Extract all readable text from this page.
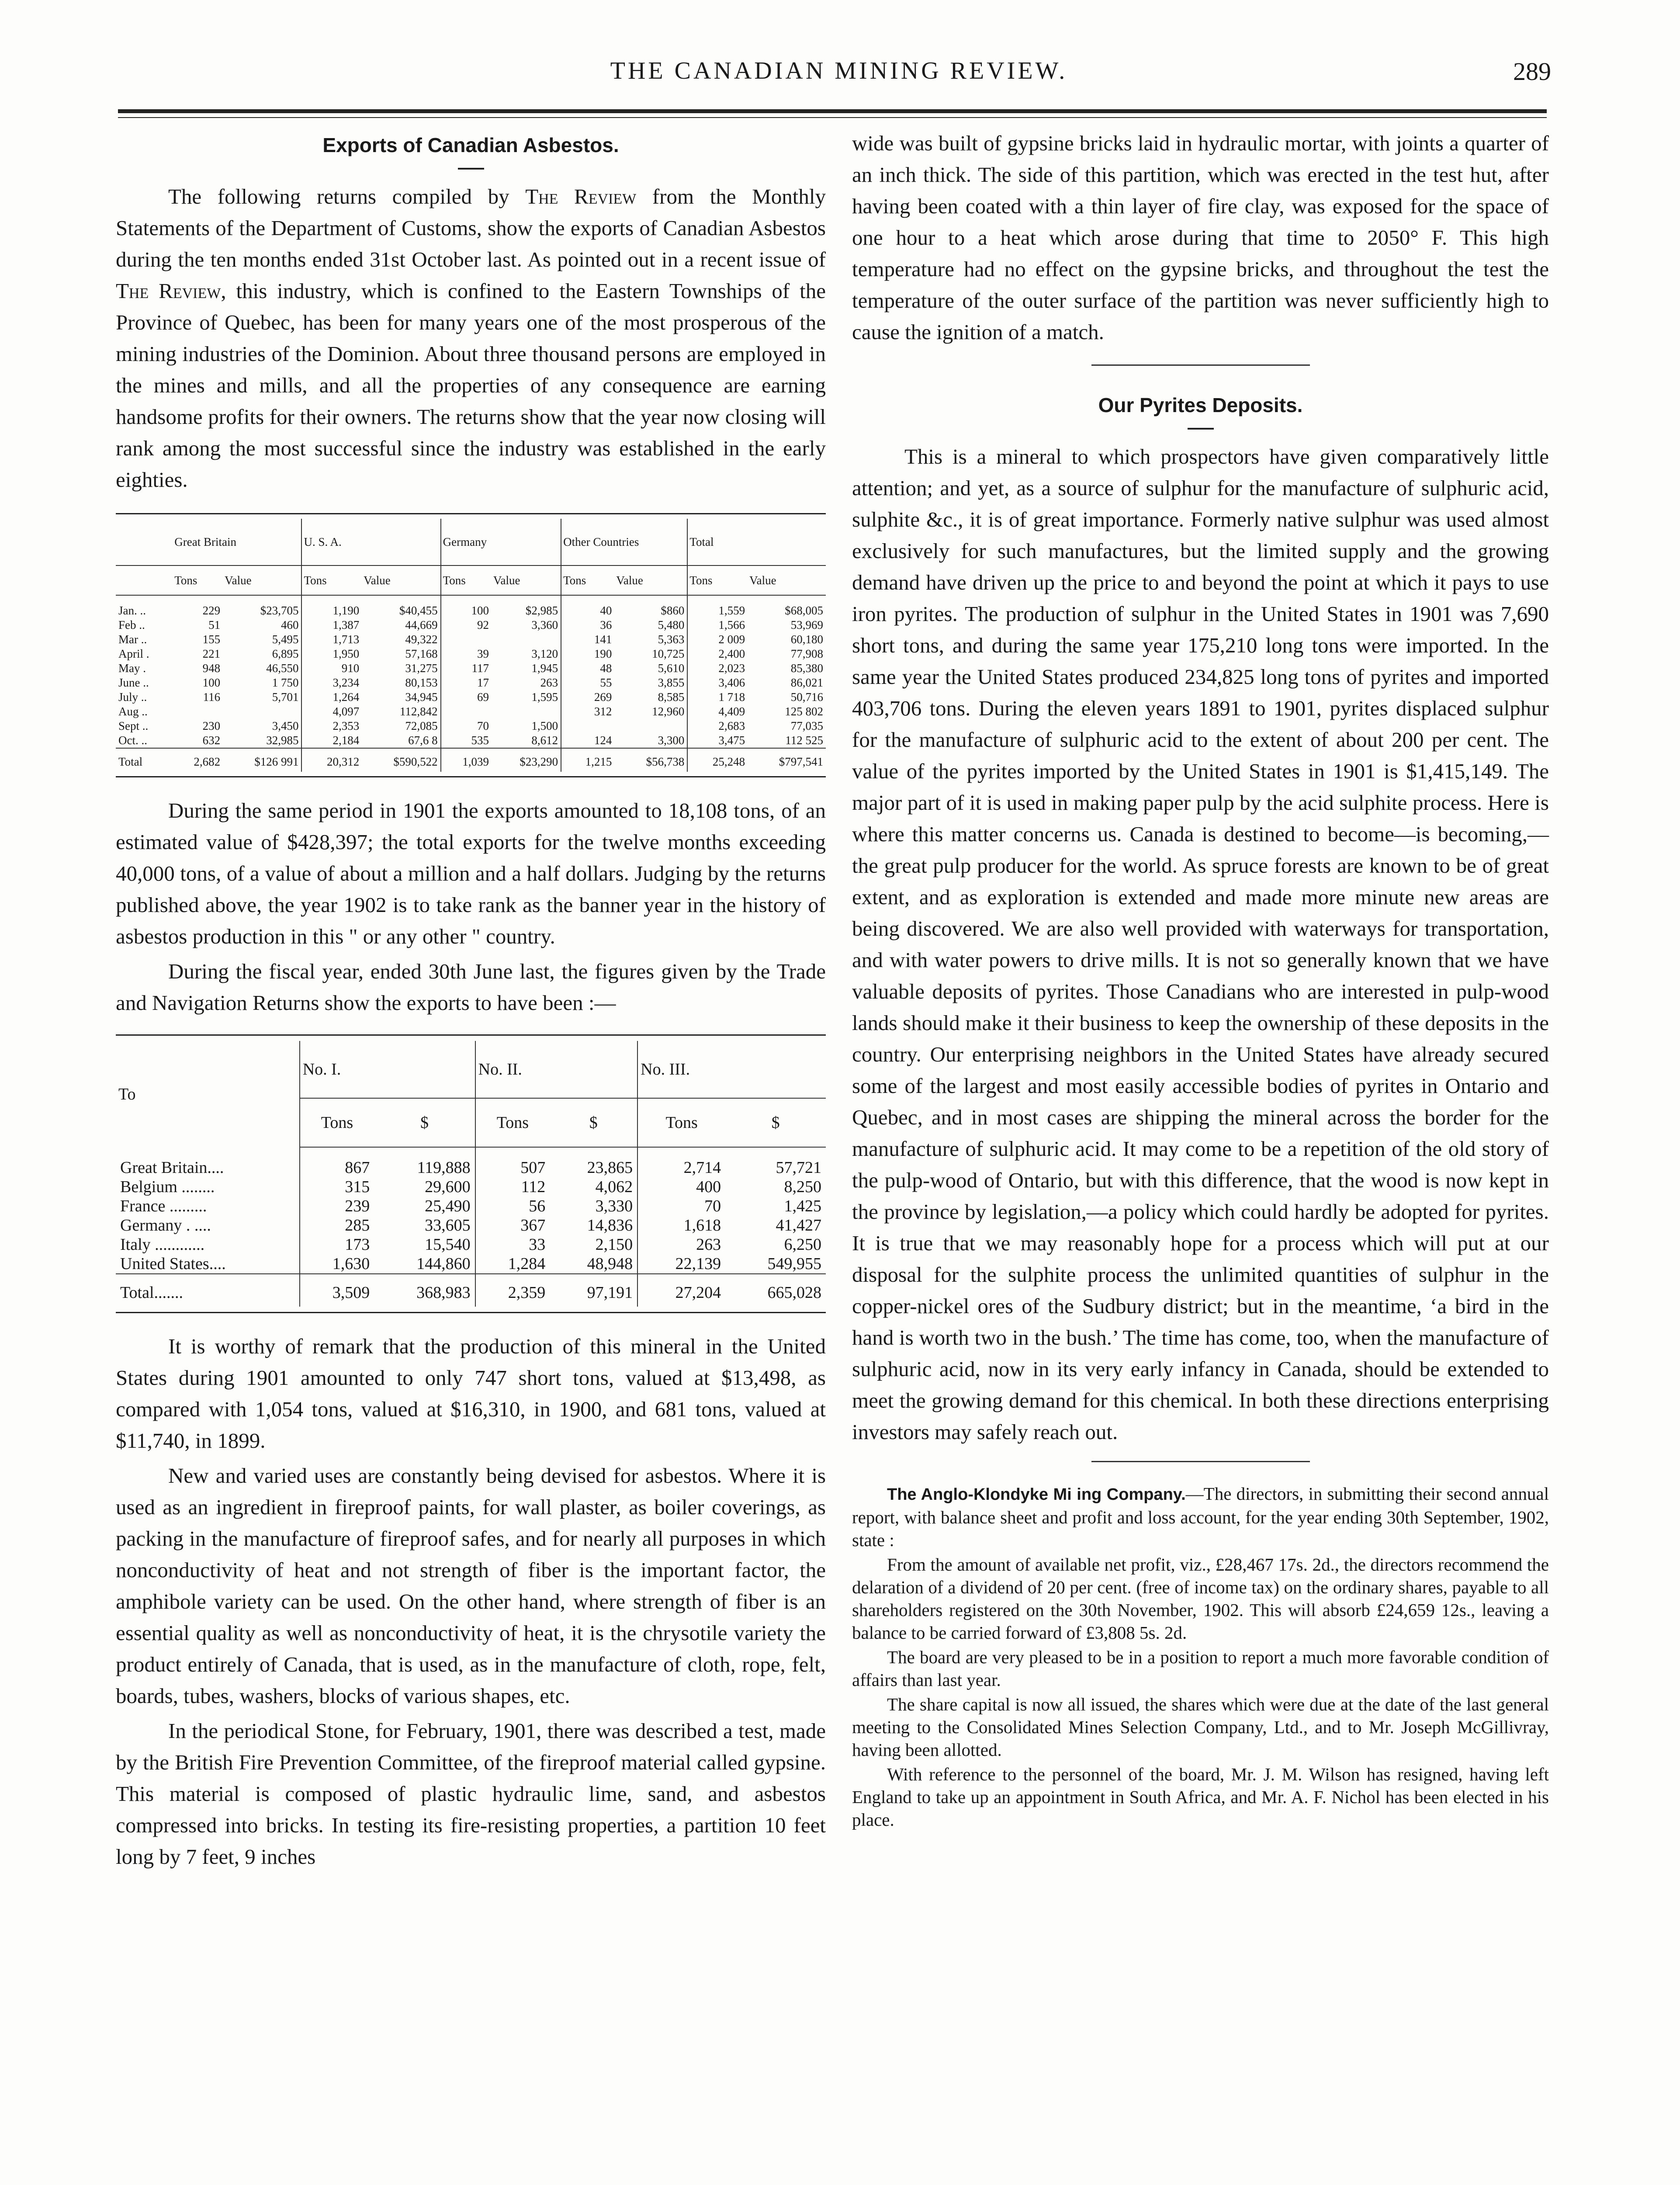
THE CANADIAN MINING REVIEW.	289
Exports of Canadian Asbestos.

The following returns compiled by The Review from the Monthly Statements of the Department of Customs, show the exports of Canadian Asbestos during the ten months ended 31st October last. As pointed out in a recent issue of The Review, this industry, which is confined to the Eastern Townships of the Province of Quebec, has been for many years one of the most prosperous of the mining industries of the Dominion. About three thousand persons are employed in the mines and mills, and all the properties of any consequence are earning handsome profits for their owners. The returns show that the year now closing will rank among the most successful since the industry was established in the early eighties.

	Great Britain		U. S. A.		Germany		Other Countries		Total	
	Tons	Value	Tons	Value	Tons	Value	Tons	Value	Tons	Value
Jan. ..	229	$23,705	1,190	$40,455	100	$2,985	40	$860	1,559	$68,005
Feb ..	51	460	1,387	44,669	92	3,360	36	5,480	1,566	53,969
Mar ..	155	5,495	1,713	49,322			141	5,363	2 009	60,180
April .	221	6,895	1,950	57,168	39	3,120	190	10,725	2,400	77,908
May .	948	46,550	910	31,275	117	1,945	48	5,610	2,023	85,380
June ..	100	1 750	3,234	80,153	17	263	55	3,855	3,406	86,021
July ..	116	5,701	1,264	34,945	69	1,595	269	8,585	1 718	50,716
Aug ..			4,097	112,842			312	12,960	4,409	125 802
Sept ..	230	3,450	2,353	72,085	70	1,500			2,683	77,035
Oct. ..	632	32,985	2,184	67,6 8	535	8,612	124	3,300	3,475	112 525
Total	2,682	$126 991	20,312	$590,522	1,039	$23,290	1,215	$56,738	25,248	$797,541

During the same period in 1901 the exports amounted to 18,108 tons, of an estimated value of $428,397; the total exports for the twelve months exceeding 40,000 tons, of a value of about a million and a half dollars. Judging by the returns published above, the year 1902 is to take rank as the banner year in the history of asbestos production in this " or any other " country.

During the fiscal year, ended 30th June last, the figures given by the Trade and Navigation Returns show the exports to have been :—

To	No. I.		No. II.		No. III.	
	Tons	$	Tons	$	Tons	$
Great Britain....	867	119,888	507	23,865	2,714	57,721
Belgium ........	315	29,600	112	4,062	400	8,250
France .........	239	25,490	56	3,330	70	1,425
Germany . ....	285	33,605	367	14,836	1,618	41,427
Italy ............	173	15,540	33	2,150	263	6,250
United States....	1,630	144,860	1,284	48,948	22,139	549,955
Total.......	3,509	368,983	2,359	97,191	27,204	665,028

It is worthy of remark that the production of this mineral in the United States during 1901 amounted to only 747 short tons, valued at $13,498, as compared with 1,054 tons, valued at $16,310, in 1900, and 681 tons, valued at $11,740, in 1899.

New and varied uses are constantly being devised for asbestos. Where it is used as an ingredient in fireproof paints, for wall plaster, as boiler coverings, as packing in the manufacture of fireproof safes, and for nearly all purposes in which nonconductivity of heat and not strength of fiber is the important factor, the amphibole variety can be used. On the other hand, where strength of fiber is an essential quality as well as nonconductivity of heat, it is the chrysotile variety the product entirely of Canada, that is used, as in the manufacture of cloth, rope, felt, boards, tubes, washers, blocks of various shapes, etc.

In the periodical Stone, for February, 1901, there was described a test, made by the British Fire Prevention Committee, of the fireproof material called gypsine. This material is composed of plastic hydraulic lime, sand, and asbestos compressed into bricks. In testing its fire-resisting properties, a partition 10 feet long by 7 feet, 9 inches

wide was built of gypsine bricks laid in hydraulic mortar, with joints a quarter of an inch thick. The side of this partition, which was erected in the test hut, after having been coated with a thin layer of fire clay, was exposed for the space of one hour to a heat which arose during that time to 2050° F. This high temperature had no effect on the gypsine bricks, and throughout the test the temperature of the outer surface of the partition was never sufficiently high to cause the ignition of a match.

Our Pyrites Deposits.

This is a mineral to which prospectors have given comparatively little attention; and yet, as a source of sulphur for the manufacture of sulphuric acid, sulphite &c., it is of great importance. Formerly native sulphur was used almost exclusively for such manufactures, but the limited supply and the growing demand have driven up the price to and beyond the point at which it pays to use iron pyrites. The production of sulphur in the United States in 1901 was 7,690 short tons, and during the same year 175,210 long tons were imported. In the same year the United States produced 234,825 long tons of pyrites and imported 403,706 tons. During the eleven years 1891 to 1901, pyrites displaced sulphur for the manufacture of sulphuric acid to the extent of about 200 per cent. The value of the pyrites imported by the United States in 1901 is $1,415,149. The major part of it is used in making paper pulp by the acid sulphite process. Here is where this matter concerns us. Canada is destined to become—is becoming,—the great pulp producer for the world. As spruce forests are known to be of great extent, and as exploration is extended and made more minute new areas are being discovered. We are also well provided with waterways for transportation, and with water powers to drive mills. It is not so generally known that we have valuable deposits of pyrites. Those Canadians who are interested in pulp-wood lands should make it their business to keep the ownership of these deposits in the country. Our enterprising neighbors in the United States have already secured some of the largest and most easily accessible bodies of pyrites in Ontario and Quebec, and in most cases are shipping the mineral across the border for the manufacture of sulphuric acid. It may come to be a repetition of the old story of the pulp-wood of Ontario, but with this difference, that the wood is now kept in the province by legislation,—a policy which could hardly be adopted for pyrites. It is true that we may reasonably hope for a process which will put at our disposal for the sulphite process the unlimited quantities of sulphur in the copper-nickel ores of the Sudbury district; but in the meantime, ‘a bird in the hand is worth two in the bush.’ The time has come, too, when the manufacture of sulphuric acid, now in its very early infancy in Canada, should be extended to meet the growing demand for this chemical. In both these directions enterprising investors may safely reach out.

The Anglo-Klondyke Mi ing Company.—The directors, in submitting their second annual report, with balance sheet and profit and loss account, for the year ending 30th September, 1902, state :

From the amount of available net profit, viz., £28,467 17s. 2d., the directors recommend the delaration of a dividend of 20 per cent. (free of income tax) on the ordinary shares, payable to all shareholders registered on the 30th November, 1902. This will absorb £24,659 12s., leaving a balance to be carried forward of £3,808 5s. 2d.

The board are very pleased to be in a position to report a much more favorable condition of affairs than last year.

The share capital is now all issued, the shares which were due at the date of the last general meeting to the Consolidated Mines Selection Company, Ltd., and to Mr. Joseph McGillivray, having been allotted.

With reference to the personnel of the board, Mr. J. M. Wilson has resigned, having left England to take up an appointment in South Africa, and Mr. A. F. Nichol has been elected in his place.
